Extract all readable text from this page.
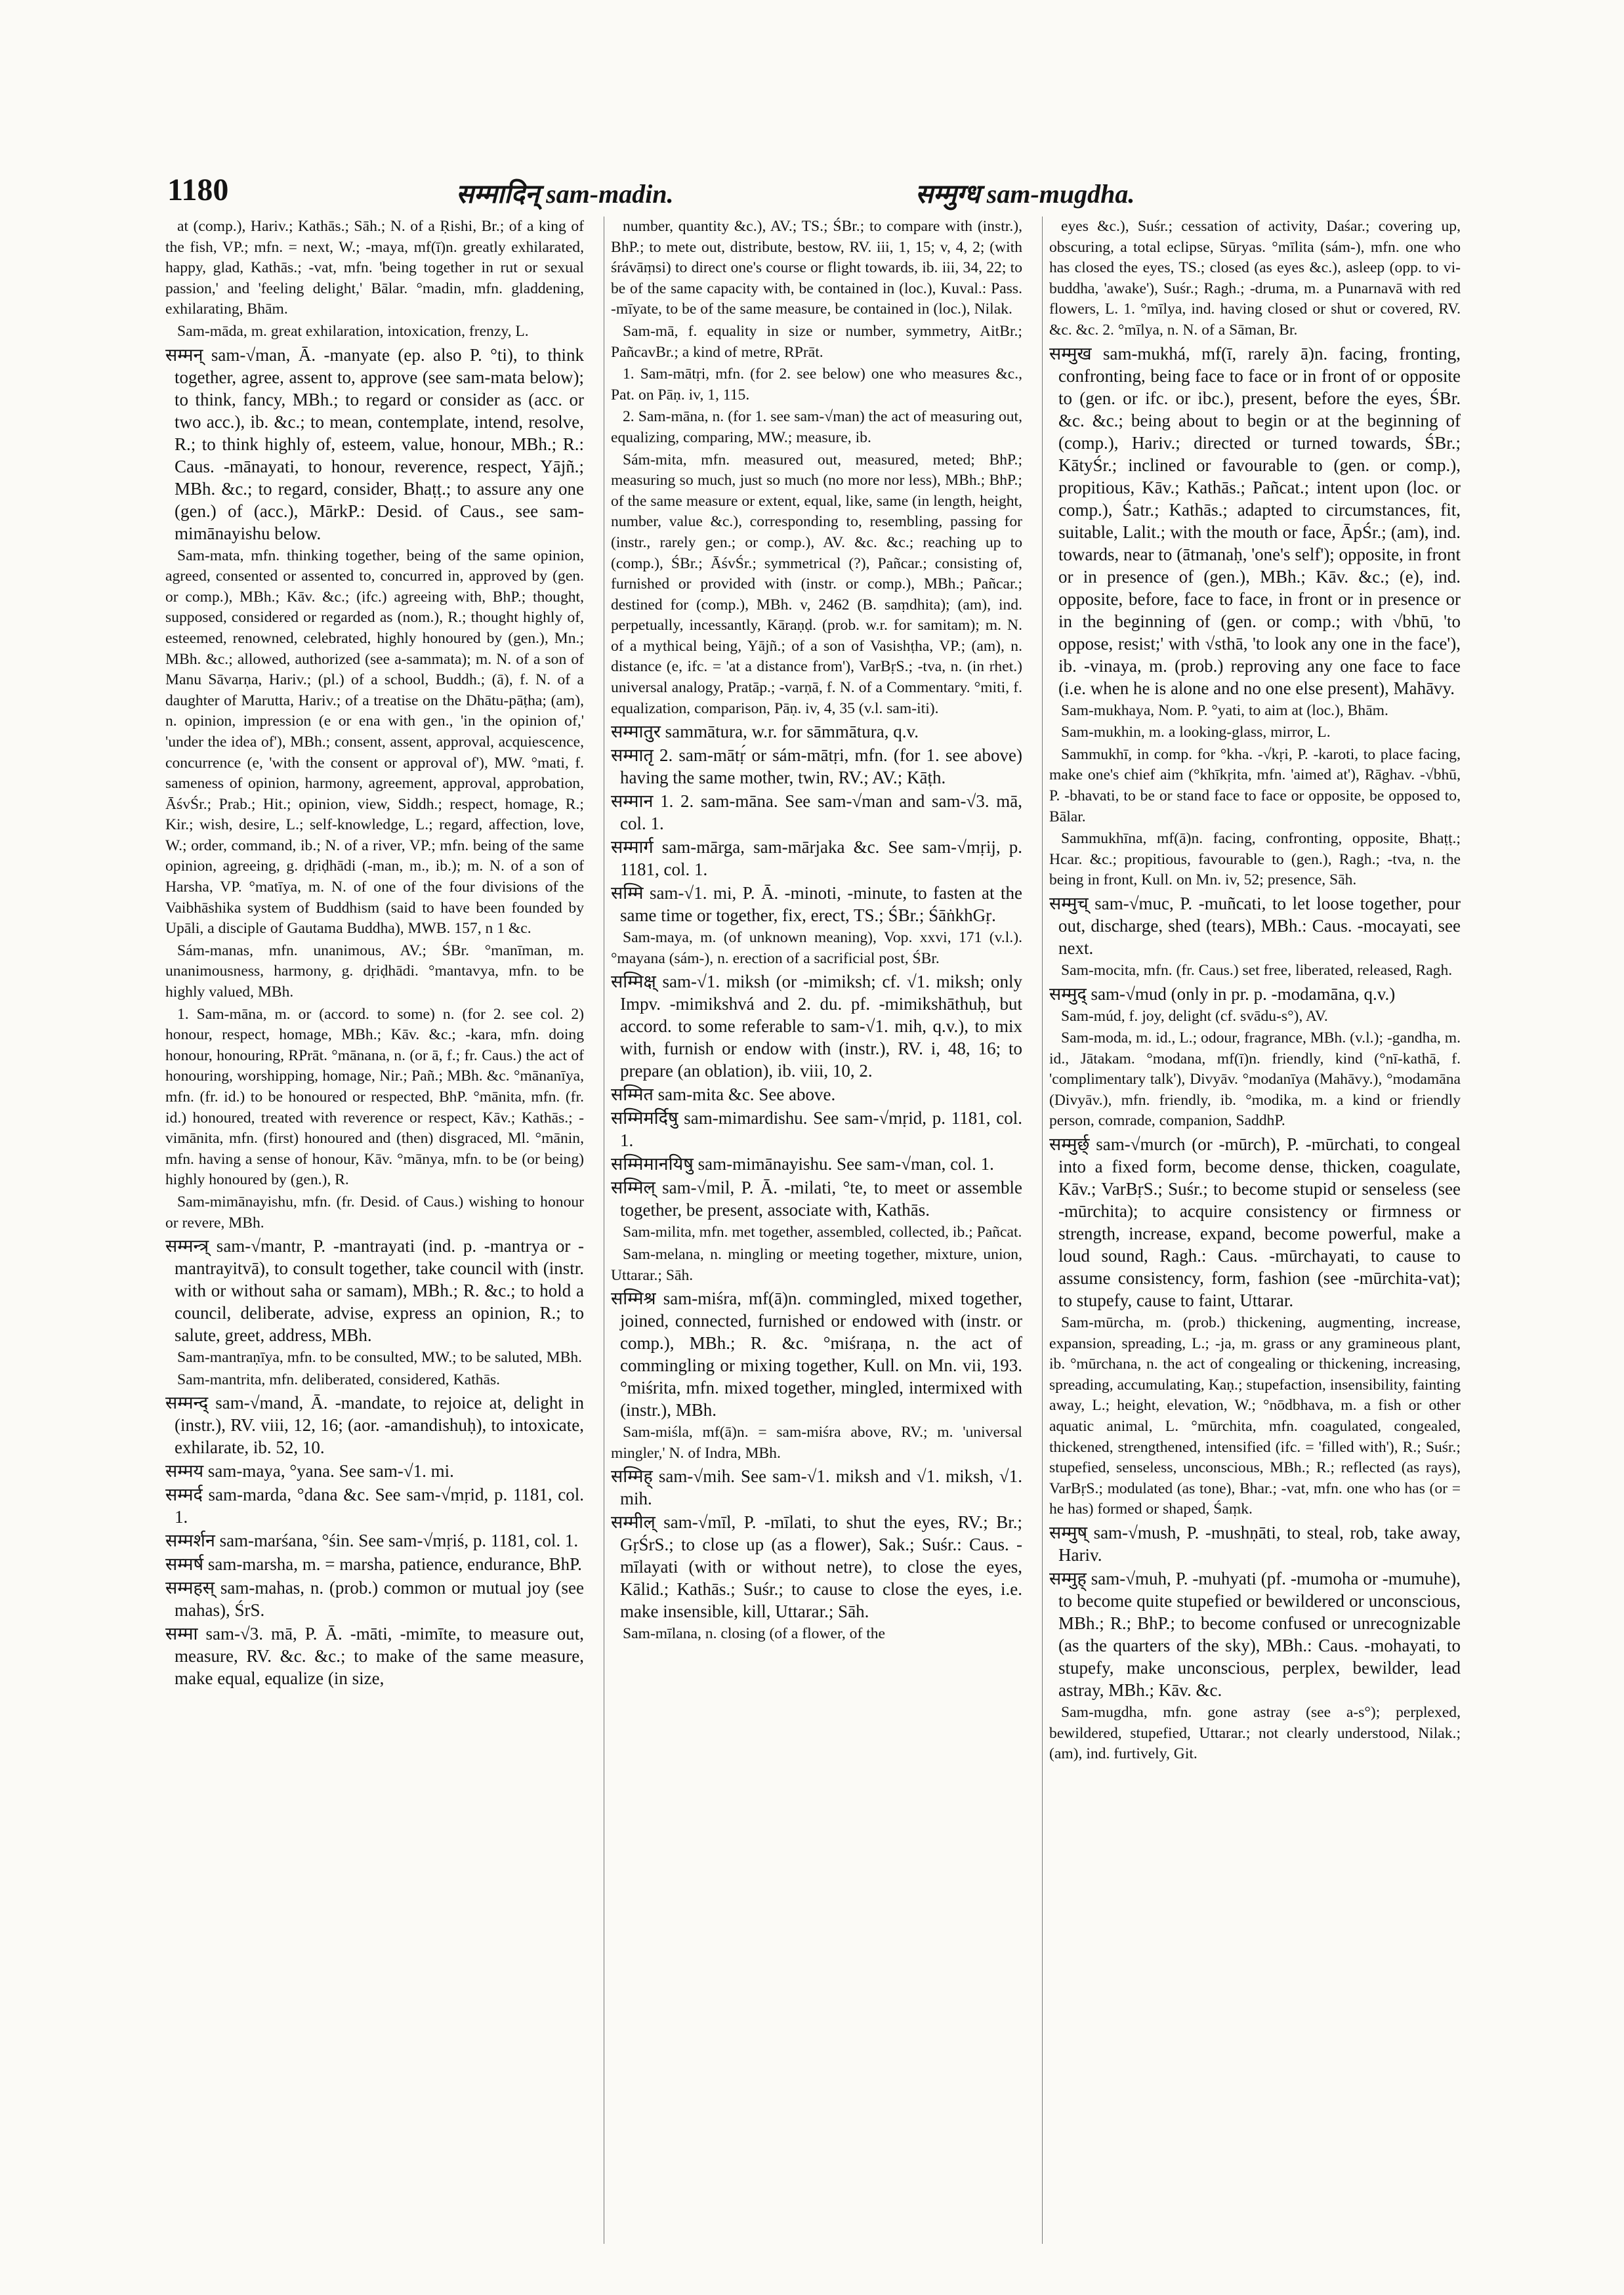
1180	सम्मादिन् sam-madin.	सम्मुग्ध sam-mugdha.

at (comp.), Hariv.; Kathās.; Sāh.; N. of a Ṛishi, Br.; of a king of the fish, VP.; mfn. = next, W.; -maya, mf(ī)n. greatly exhilarated, happy, glad, Kathās.; -vat, mfn. 'being together in rut or sexual passion,' and 'feeling delight,' Bālar. °madin, mfn. gladdening, exhilarating, Bhām.

Sam-māda, m. great exhilaration, intoxication, frenzy, L.

सम्मन् sam-√man, Ā. -manyate (ep. also P. °ti), to think together, agree, assent to, approve (see sam-mata below); to think, fancy, MBh.; to regard or consider as (acc. or two acc.), ib. &c.; to mean, contemplate, intend, resolve, R.; to think highly of, esteem, value, honour, MBh.; R.: Caus. -mānayati, to honour, reverence, respect, Yājñ.; MBh. &c.; to regard, consider, Bhaṭṭ.; to assure any one (gen.) of (acc.), MārkP.: Desid. of Caus., see sam-mimānayishu below.

Sam-mata, mfn. thinking together, being of the same opinion, agreed, consented or assented to, concurred in, approved by (gen. or comp.), MBh.; Kāv. &c.; (ifc.) agreeing with, BhP.; thought, supposed, considered or regarded as (nom.), R.; thought highly of, esteemed, renowned, celebrated, highly honoured by (gen.), Mn.; MBh. &c.; allowed, authorized (see a-sammata); m. N. of a son of Manu Sāvarṇa, Hariv.; (pl.) of a school, Buddh.; (ā), f. N. of a daughter of Marutta, Hariv.; of a treatise on the Dhātu-pāṭha; (am), n. opinion, impression (e or ena with gen., 'in the opinion of,' 'under the idea of'), MBh.; consent, assent, approval, acquiescence, concurrence (e, 'with the consent or approval of'), MW. °mati, f. sameness of opinion, harmony, agreement, approval, approbation, ĀśvŚr.; Prab.; Hit.; opinion, view, Siddh.; respect, homage, R.; Kir.; wish, desire, L.; self-knowledge, L.; regard, affection, love, W.; order, command, ib.; N. of a river, VP.; mfn. being of the same opinion, agreeing, g. dṛiḍhādi (-man, m., ib.); m. N. of a son of Harsha, VP. °matīya, m. N. of one of the four divisions of the Vaibhāshika system of Buddhism (said to have been founded by Upāli, a disciple of Gautama Buddha), MWB. 157, n 1 &c.

Sám-manas, mfn. unanimous, AV.; ŚBr. °manīman, m. unanimousness, harmony, g. dṛiḍhādi. °mantavya, mfn. to be highly valued, MBh.

1. Sam-māna, m. or (accord. to some) n. (for 2. see col. 2) honour, respect, homage, MBh.; Kāv. &c.; -kara, mfn. doing honour, honouring, RPrāt. °mānana, n. (or ā, f.; fr. Caus.) the act of honouring, worshipping, homage, Nir.; Pañ.; MBh. &c. °mānanīya, mfn. (fr. id.) to be honoured or respected, BhP. °mānita, mfn. (fr. id.) honoured, treated with reverence or respect, Kāv.; Kathās.; -vimānita, mfn. (first) honoured and (then) disgraced, Ml. °mānin, mfn. having a sense of honour, Kāv. °mānya, mfn. to be (or being) highly honoured by (gen.), R.

Sam-mimānayishu, mfn. (fr. Desid. of Caus.) wishing to honour or revere, MBh.

सम्मन्त्र् sam-√mantr, P. -mantrayati (ind. p. -mantrya or -mantrayitvā), to consult together, take council with (instr. with or without saha or samam), MBh.; R. &c.; to hold a council, deliberate, advise, express an opinion, R.; to salute, greet, address, MBh.

Sam-mantraṇīya, mfn. to be consulted, MW.; to be saluted, MBh.

Sam-mantrita, mfn. deliberated, considered, Kathās.

सम्मन्द् sam-√mand, Ā. -mandate, to rejoice at, delight in (instr.), RV. viii, 12, 16; (aor. -amandishuḥ), to intoxicate, exhilarate, ib. 52, 10.

सम्मय sam-maya, °yana. See sam-√1. mi.

सम्मर्द sam-marda, °dana &c. See sam-√mṛid, p. 1181, col. 1.

सम्मर्शन sam-marśana, °śin. See sam-√mṛiś, p. 1181, col. 1.

सम्मर्ष sam-marsha, m. = marsha, patience, endurance, BhP.

सम्महस् sam-mahas, n. (prob.) common or mutual joy (see mahas), ŚrS.

सम्मा sam-√3. mā, P. Ā. -māti, -mimīte, to measure out, measure, RV. &c. &c.; to make of the same measure, make equal, equalize (in size,

number, quantity &c.), AV.; TS.; ŚBr.; to compare with (instr.), BhP.; to mete out, distribute, bestow, RV. iii, 1, 15; v, 4, 2; (with śrávāṃsi) to direct one's course or flight towards, ib. iii, 34, 22; to be of the same capacity with, be contained in (loc.), Kuval.: Pass. -mīyate, to be of the same measure, be contained in (loc.), Nilak.

Sam-mā, f. equality in size or number, symmetry, AitBr.; PañcavBr.; a kind of metre, RPrāt.

1. Sam-mātṛi, mfn. (for 2. see below) one who measures &c., Pat. on Pāṇ. iv, 1, 115.

2. Sam-māna, n. (for 1. see sam-√man) the act of measuring out, equalizing, comparing, MW.; measure, ib.

Sám-mita, mfn. measured out, measured, meted; BhP.; measuring so much, just so much (no more nor less), MBh.; BhP.; of the same measure or extent, equal, like, same (in length, height, number, value &c.), corresponding to, resembling, passing for (instr., rarely gen.; or comp.), AV. &c. &c.; reaching up to (comp.), ŚBr.; ĀśvŚr.; symmetrical (?), Pañcar.; consisting of, furnished or provided with (instr. or comp.), MBh.; Pañcar.; destined for (comp.), MBh. v, 2462 (B. saṃdhita); (am), ind. perpetually, incessantly, Kāraṇḍ. (prob. w.r. for samitam); m. N. of a mythical being, Yājñ.; of a son of Vasishṭha, VP.; (am), n. distance (e, ifc. = 'at a distance from'), VarBṛS.; -tva, n. (in rhet.) universal analogy, Pratāp.; -varṇā, f. N. of a Commentary. °miti, f. equalization, comparison, Pāṇ. iv, 4, 35 (v.l. sam-iti).

सम्मातुर sammātura, w.r. for sāmmātura, q.v.

सम्मातृ 2. sam-mātṛ́ or sám-mātṛi, mfn. (for 1. see above) having the same mother, twin, RV.; AV.; Kāṭh.

सम्मान 1. 2. sam-māna. See sam-√man and sam-√3. mā, col. 1.

सम्मार्ग sam-mārga, sam-mārjaka &c. See sam-√mṛij, p. 1181, col. 1.

सम्मि sam-√1. mi, P. Ā. -minoti, -minute, to fasten at the same time or together, fix, erect, TS.; ŚBr.; ŚāṅkhGṛ.

Sam-maya, m. (of unknown meaning), Vop. xxvi, 171 (v.l.). °mayana (sám-), n. erection of a sacrificial post, ŚBr.

सम्मिक्ष् sam-√1. miksh (or -mimiksh; cf. √1. miksh; only Impv. -mimikshvá and 2. du. pf. -mimikshāthuḥ, but accord. to some referable to sam-√1. mih, q.v.), to mix with, furnish or endow with (instr.), RV. i, 48, 16; to prepare (an oblation), ib. viii, 10, 2.

सम्मित sam-mita &c. See above.

सम्मिमर्दिषु sam-mimardishu. See sam-√mṛid, p. 1181, col. 1.

सम्मिमानयिषु sam-mimānayishu. See sam-√man, col. 1.

सम्मिल् sam-√mil, P. Ā. -milati, °te, to meet or assemble together, be present, associate with, Kathās.

Sam-milita, mfn. met together, assembled, collected, ib.; Pañcat.

Sam-melana, n. mingling or meeting together, mixture, union, Uttarar.; Sāh.

सम्मिश्र sam-miśra, mf(ā)n. commingled, mixed together, joined, connected, furnished or endowed with (instr. or comp.), MBh.; R. &c. °miśraṇa, n. the act of commingling or mixing together, Kull. on Mn. vii, 193. °miśrita, mfn. mixed together, mingled, intermixed with (instr.), MBh.

Sam-miśla, mf(ā)n. = sam-miśra above, RV.; m. 'universal mingler,' N. of Indra, MBh.

सम्मिह् sam-√mih. See sam-√1. miksh and √1. miksh, √1. mih.

सम्मील् sam-√mīl, P. -mīlati, to shut the eyes, RV.; Br.; GṛŚrS.; to close up (as a flower), Sak.; Suśr.: Caus. -mīlayati (with or without netre), to close the eyes, Kālid.; Kathās.; Suśr.; to cause to close the eyes, i.e. make insensible, kill, Uttarar.; Sāh.

Sam-mīlana, n. closing (of a flower, of the

eyes &c.), Suśr.; cessation of activity, Daśar.; covering up, obscuring, a total eclipse, Sūryas. °mīlita (sám-), mfn. one who has closed the eyes, TS.; closed (as eyes &c.), asleep (opp. to vi-buddha, 'awake'), Suśr.; Ragh.; -druma, m. a Punarnavā with red flowers, L. 1. °mīlya, ind. having closed or shut or covered, RV. &c. &c. 2. °mīlya, n. N. of a Sāman, Br.

सम्मुख sam-mukhá, mf(ī, rarely ā)n. facing, fronting, confronting, being face to face or in front of or opposite to (gen. or ifc. or ibc.), present, before the eyes, ŚBr. &c. &c.; being about to begin or at the beginning of (comp.), Hariv.; directed or turned towards, ŚBr.; KātyŚr.; inclined or favourable to (gen. or comp.), propitious, Kāv.; Kathās.; Pañcat.; intent upon (loc. or comp.), Śatr.; Kathās.; adapted to circumstances, fit, suitable, Lalit.; with the mouth or face, ĀpŚr.; (am), ind. towards, near to (ātmanaḥ, 'one's self'); opposite, in front or in presence of (gen.), MBh.; Kāv. &c.; (e), ind. opposite, before, face to face, in front or in presence or in the beginning of (gen. or comp.; with √bhū, 'to oppose, resist;' with √sthā, 'to look any one in the face'), ib. -vinaya, m. (prob.) reproving any one face to face (i.e. when he is alone and no one else present), Mahāvy.

Sam-mukhaya, Nom. P. °yati, to aim at (loc.), Bhām.

Sam-mukhin, m. a looking-glass, mirror, L.

Sammukhī, in comp. for °kha. -√kṛi, P. -karoti, to place facing, make one's chief aim (°khīkṛita, mfn. 'aimed at'), Rāghav. -√bhū, P. -bhavati, to be or stand face to face or opposite, be opposed to, Bālar.

Sammukhīna, mf(ā)n. facing, confronting, opposite, Bhaṭṭ.; Hcar. &c.; propitious, favourable to (gen.), Ragh.; -tva, n. the being in front, Kull. on Mn. iv, 52; presence, Sāh.

सम्मुच् sam-√muc, P. -muñcati, to let loose together, pour out, discharge, shed (tears), MBh.: Caus. -mocayati, see next.

Sam-mocita, mfn. (fr. Caus.) set free, liberated, released, Ragh.

सम्मुद् sam-√mud (only in pr. p. -modamāna, q.v.)

Sam-múd, f. joy, delight (cf. svādu-s°), AV.

Sam-moda, m. id., L.; odour, fragrance, MBh. (v.l.); -gandha, m. id., Jātakam. °modana, mf(ī)n. friendly, kind (°nī-kathā, f. 'complimentary talk'), Divyāv. °modanīya (Mahāvy.), °modamāna (Divyāv.), mfn. friendly, ib. °modika, m. a kind or friendly person, comrade, companion, SaddhP.

सम्मुर्छ् sam-√murch (or -mūrch), P. -mūrchati, to congeal into a fixed form, become dense, thicken, coagulate, Kāv.; VarBṛS.; Suśr.; to become stupid or senseless (see -mūrchita); to acquire consistency or firmness or strength, increase, expand, become powerful, make a loud sound, Ragh.: Caus. -mūrchayati, to cause to assume consistency, form, fashion (see -mūrchita-vat); to stupefy, cause to faint, Uttarar.

Sam-mūrcha, m. (prob.) thickening, augmenting, increase, expansion, spreading, L.; -ja, m. grass or any gramineous plant, ib. °mūrchana, n. the act of congealing or thickening, increasing, spreading, accumulating, Kaṇ.; stupefaction, insensibility, fainting away, L.; height, elevation, W.; °nōdbhava, m. a fish or other aquatic animal, L. °mūrchita, mfn. coagulated, congealed, thickened, strengthened, intensified (ifc. = 'filled with'), R.; Suśr.; stupefied, senseless, unconscious, MBh.; R.; reflected (as rays), VarBṛS.; modulated (as tone), Bhar.; -vat, mfn. one who has (or = he has) formed or shaped, Śaṃk.

सम्मुष् sam-√mush, P. -mushṇāti, to steal, rob, take away, Hariv.

सम्मुह् sam-√muh, P. -muhyati (pf. -mumoha or -mumuhe), to become quite stupefied or bewildered or unconscious, MBh.; R.; BhP.; to become confused or unrecognizable (as the quarters of the sky), MBh.: Caus. -mohayati, to stupefy, make unconscious, perplex, bewilder, lead astray, MBh.; Kāv. &c.

Sam-mugdha, mfn. gone astray (see a-s°); perplexed, bewildered, stupefied, Uttarar.; not clearly understood, Nilak.; (am), ind. furtively, Git.
